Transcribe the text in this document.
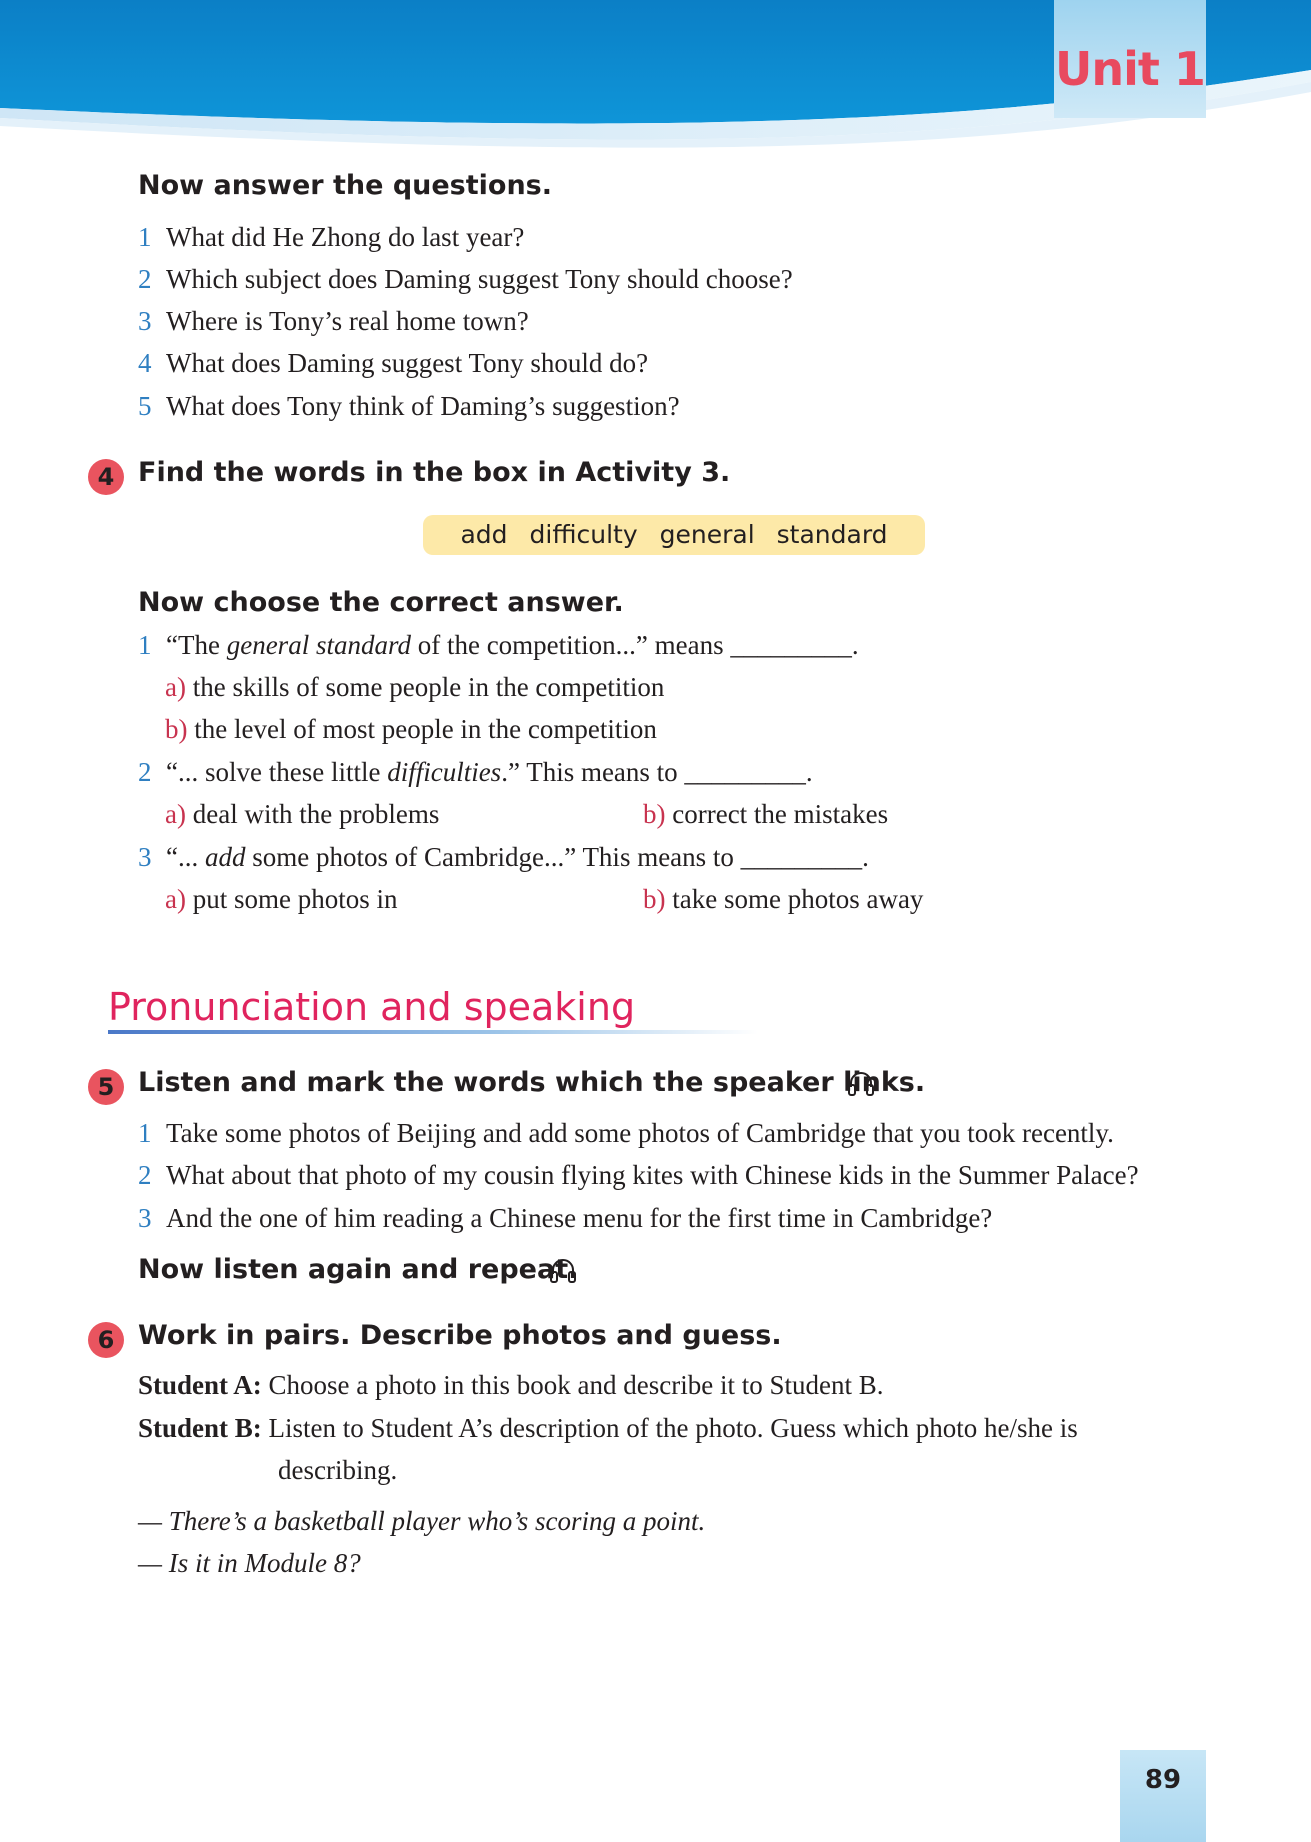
Unit 1
Now answer the questions.
1 What did He Zhong do last year?
2 Which subject does Daming suggest Tony should choose?
3 Where is Tony’s real home town?
4 What does Daming suggest Tony should do?
5 What does Tony think of Daming’s suggestion?
4 Find the words in the box in Activity 3.
add difficulty general standard
Now choose the correct answer.
1 “The general standard of the competition...” means _________.
a) the skills of some people in the competition
b) the level of most people in the competition
2 “... solve these little difficulties.” This means to _________.
a) deal with the problems	b) correct the mistakes
3 “... add some photos of Cambridge...” This means to _________.
a) put some photos in	b) take some photos away
Pronunciation and speaking
5 Listen and mark the words which the speaker links.
1 Take some photos of Beijing and add some photos of Cambridge that you took recently.
2 What about that photo of my cousin flying kites with Chinese kids in the Summer Palace?
3 And the one of him reading a Chinese menu for the first time in Cambridge?
Now listen again and repeat.
6 Work in pairs. Describe photos and guess.
Student A: Choose a photo in this book and describe it to Student B.
Student B: Listen to Student A’s description of the photo. Guess which photo he/she is
describing.
— There’s a basketball player who’s scoring a point.
— Is it in Module 8?
89
